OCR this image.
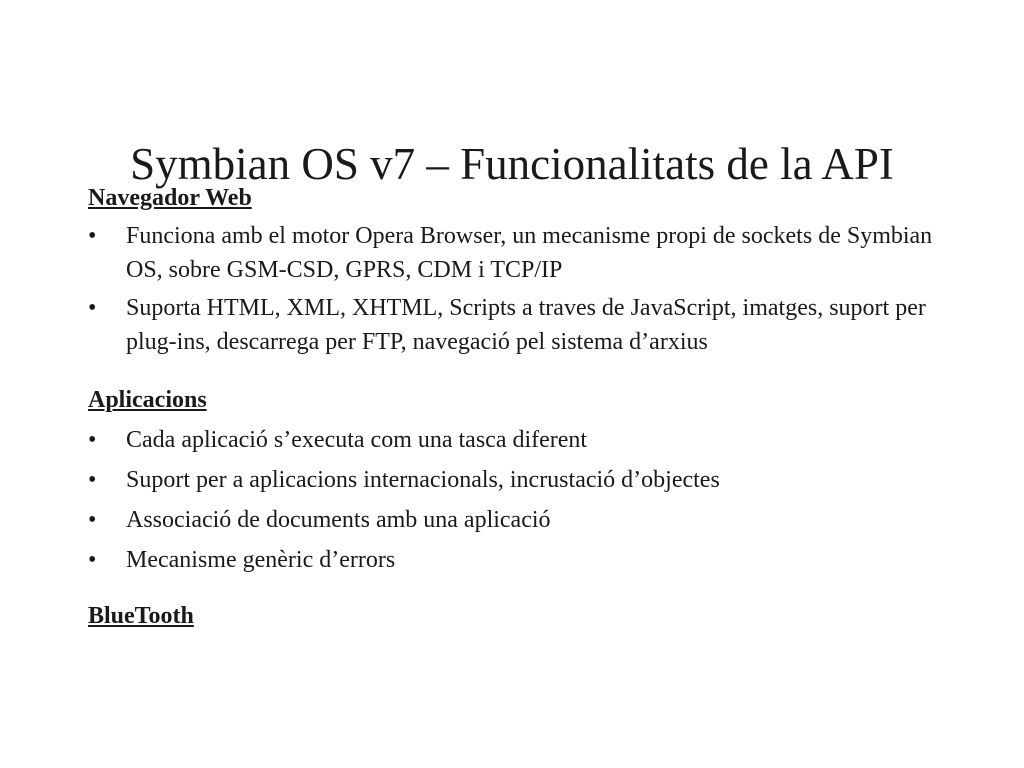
Symbian OS v7 – Funcionalitats de la API

Navegador Web

• Funciona amb el motor Opera Browser, un mecanisme propi de sockets de Symbian OS, sobre GSM-CSD, GPRS, CDM i TCP/IP
• Suporta HTML, XML, XHTML, Scripts a traves de JavaScript, imatges, suport per plug-ins, descarrega per FTP, navegació pel sistema d’arxius

Aplicacions

• Cada aplicació s’executa com una tasca diferent
• Suport per a aplicacions internacionals, incrustació d’objectes
• Associació de documents amb una aplicació
• Mecanisme genèric d’errors

BlueTooth
